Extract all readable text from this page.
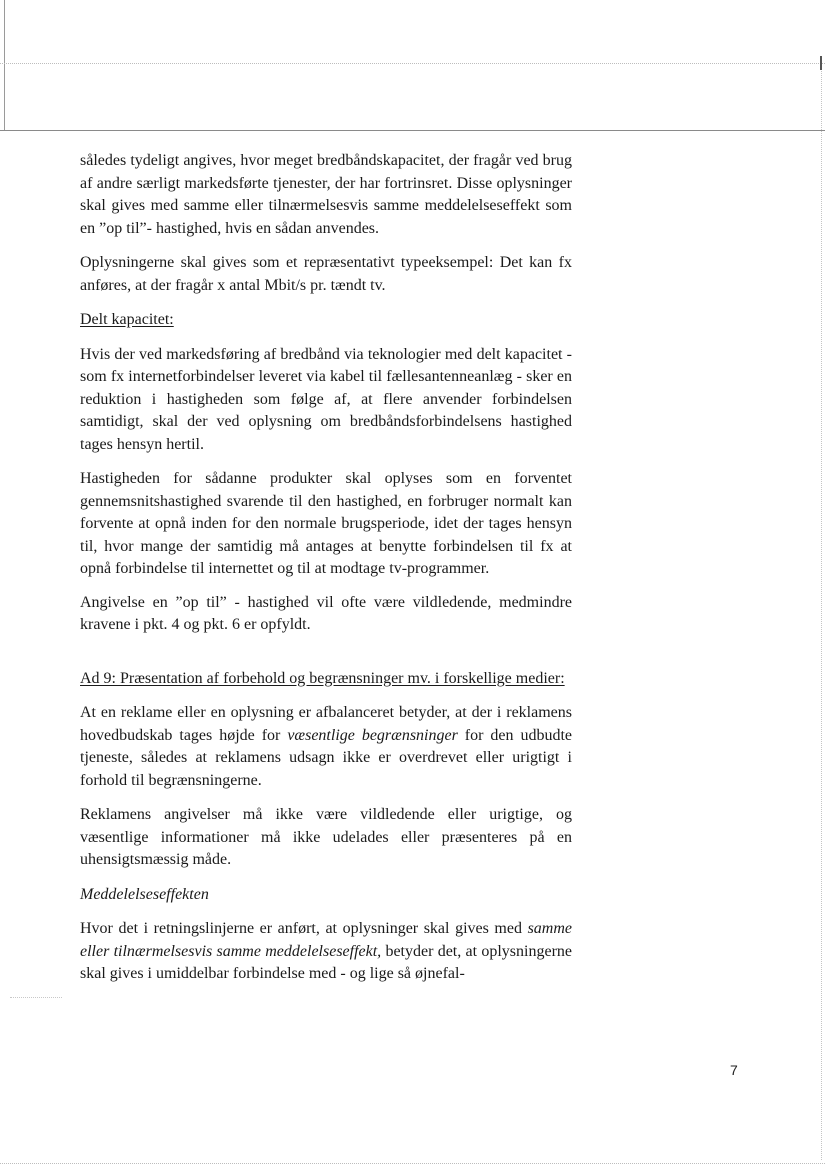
således tydeligt angives, hvor meget bredbåndskapacitet, der fragår ved brug af andre særligt markedsførte tjenester, der har fortrinsret. Disse oplysninger skal gives med samme eller tilnærmelsesvis samme meddelelseseffekt som en ”op til”- hastighed, hvis en sådan anvendes.

Oplysningerne skal gives som et repræsentativt typeeksempel: Det kan fx anføres, at der fragår x antal Mbit/s pr. tændt tv.

Delt kapacitet:

Hvis der ved markedsføring af bredbånd via teknologier med delt kapacitet - som fx internetforbindelser leveret via kabel til fællesantenneanlæg - sker en reduktion i hastigheden som følge af, at flere anvender forbindelsen samtidigt, skal der ved oplysning om bredbåndsforbindelsens hastighed tages hensyn hertil.

Hastigheden for sådanne produkter skal oplyses som en forventet gennemsnitshastighed svarende til den hastighed, en forbruger normalt kan forvente at opnå inden for den normale brugsperiode, idet der tages hensyn til, hvor mange der samtidig må antages at benytte forbindelsen til fx at opnå forbindelse til internettet og til at modtage tv-programmer.

Angivelse en ”op til” - hastighed vil ofte være vildledende, medmindre kravene i pkt. 4 og pkt. 6 er opfyldt.

Ad 9: Præsentation af forbehold og begrænsninger mv. i forskellige medier:

At en reklame eller en oplysning er afbalanceret betyder, at der i reklamens hovedbudskab tages højde for væsentlige begrænsninger for den udbudte tjeneste, således at reklamens udsagn ikke er overdrevet eller urigtigt i forhold til begrænsningerne.

Reklamens angivelser må ikke være vildledende eller urigtige, og væsentlige informationer må ikke udelades eller præsenteres på en uhensigtsmæssig måde.

Meddelelseseffekten

Hvor det i retningslinjerne er anført, at oplysninger skal gives med samme eller tilnærmelsesvis samme meddelelseseffekt, betyder det, at oplysningerne skal gives i umiddelbar forbindelse med - og lige så øjnefal-

7
